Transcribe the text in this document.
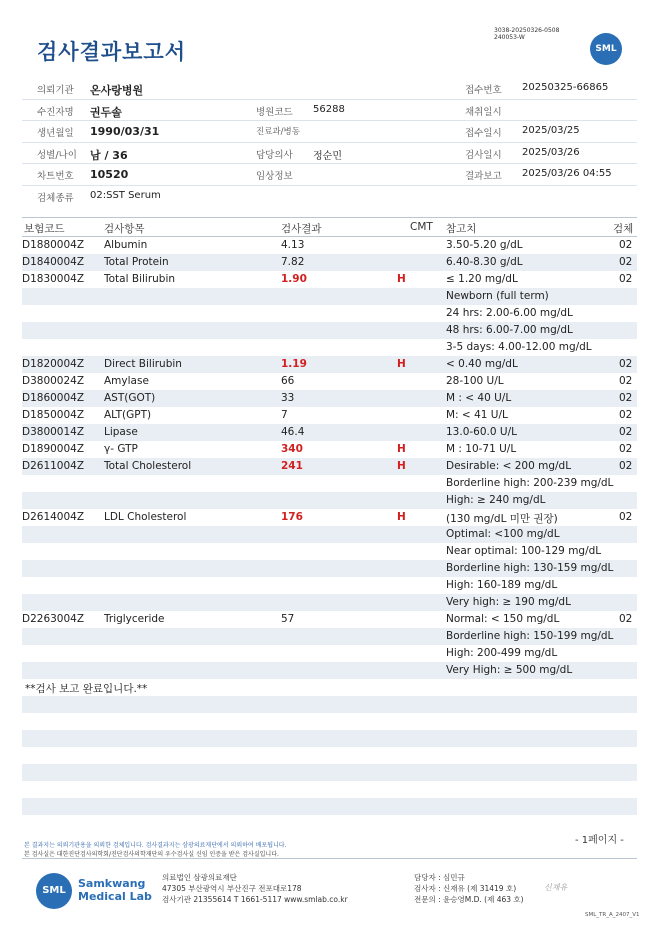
검사결과보고서
3038-20250326-0508
240053-W
SML
의뢰기관 온사랑병원	접수번호 20250325-66865
수진자명 권두솔	병원코드 56288	채취일시
생년월일 1990/03/31	진료과/병동	접수일시 2025/03/25
성별/나이 남 / 36	담당의사 정순민	검사일시 2025/03/26
차트번호 10520	임상정보	결과보고 2025/03/26 04:55
검체종류 02:SST Serum
보험코드	검사항목	검사결과	CMT 참고치	검체
D1880004Z Albumin	4.13	3.50-5.20 g/dL	02
D1840004Z Total Protein	7.82	6.40-8.30 g/dL	02
D1830004Z Total Bilirubin	1.90	H	≤ 1.20 mg/dL	02
Newborn (full term)
24 hrs: 2.00-6.00 mg/dL
48 hrs: 6.00-7.00 mg/dL
3-5 days: 4.00-12.00 mg/dL
D1820004Z Direct Bilirubin	1.19	H	< 0.40 mg/dL	02
D3800024Z Amylase	66	28-100 U/L	02
D1860004Z AST(GOT)	33	M : < 40 U/L	02
D1850004Z ALT(GPT)	7	M: < 41 U/L	02
D3800014Z Lipase	46.4	13.0-60.0 U/L	02
D1890004Z γ- GTP	340	H	M : 10-71 U/L	02
D2611004Z Total Cholesterol	241	H	Desirable: < 200 mg/dL	02
Borderline high: 200-239 mg/dL
High: ≥ 240 mg/dL
D2614004Z LDL Cholesterol	176	H	(130 mg/dL 미만 권장)	02
Optimal: <100 mg/dL
Near optimal: 100-129 mg/dL
Borderline high: 130-159 mg/dL
High: 160-189 mg/dL
Very high: ≥ 190 mg/dL
D2263004Z Triglyceride	57	Normal: < 150 mg/dL	02
Borderline high: 150-199 mg/dL
High: 200-499 mg/dL
Very High: ≥ 500 mg/dL
**검사 보고 완료입니다.**
- 1페이지 -
본 결과지는 의뢰기관용을 의뢰한 검체입니다. 검사결과지는 삼광의료재단에서 의뢰하여 배포됩니다.
본 검사실은 대한진단검사의학회/진단검사의학재단의 우수검사실 신임 인증을 받은 검사실입니다.
SML
Samkwang
Medical Lab
의료법인 삼광의료재단
47305 부산광역시 부산진구 전포대로178
검사기관 21355614 T 1661-5117 www.smlab.co.kr
담당자 : 심민규
검사자 : 신재유 (제 31419 호)
전문의 : 윤승영M.D. (제 463 호)
신재유
SML_TR_A_2407_V1
